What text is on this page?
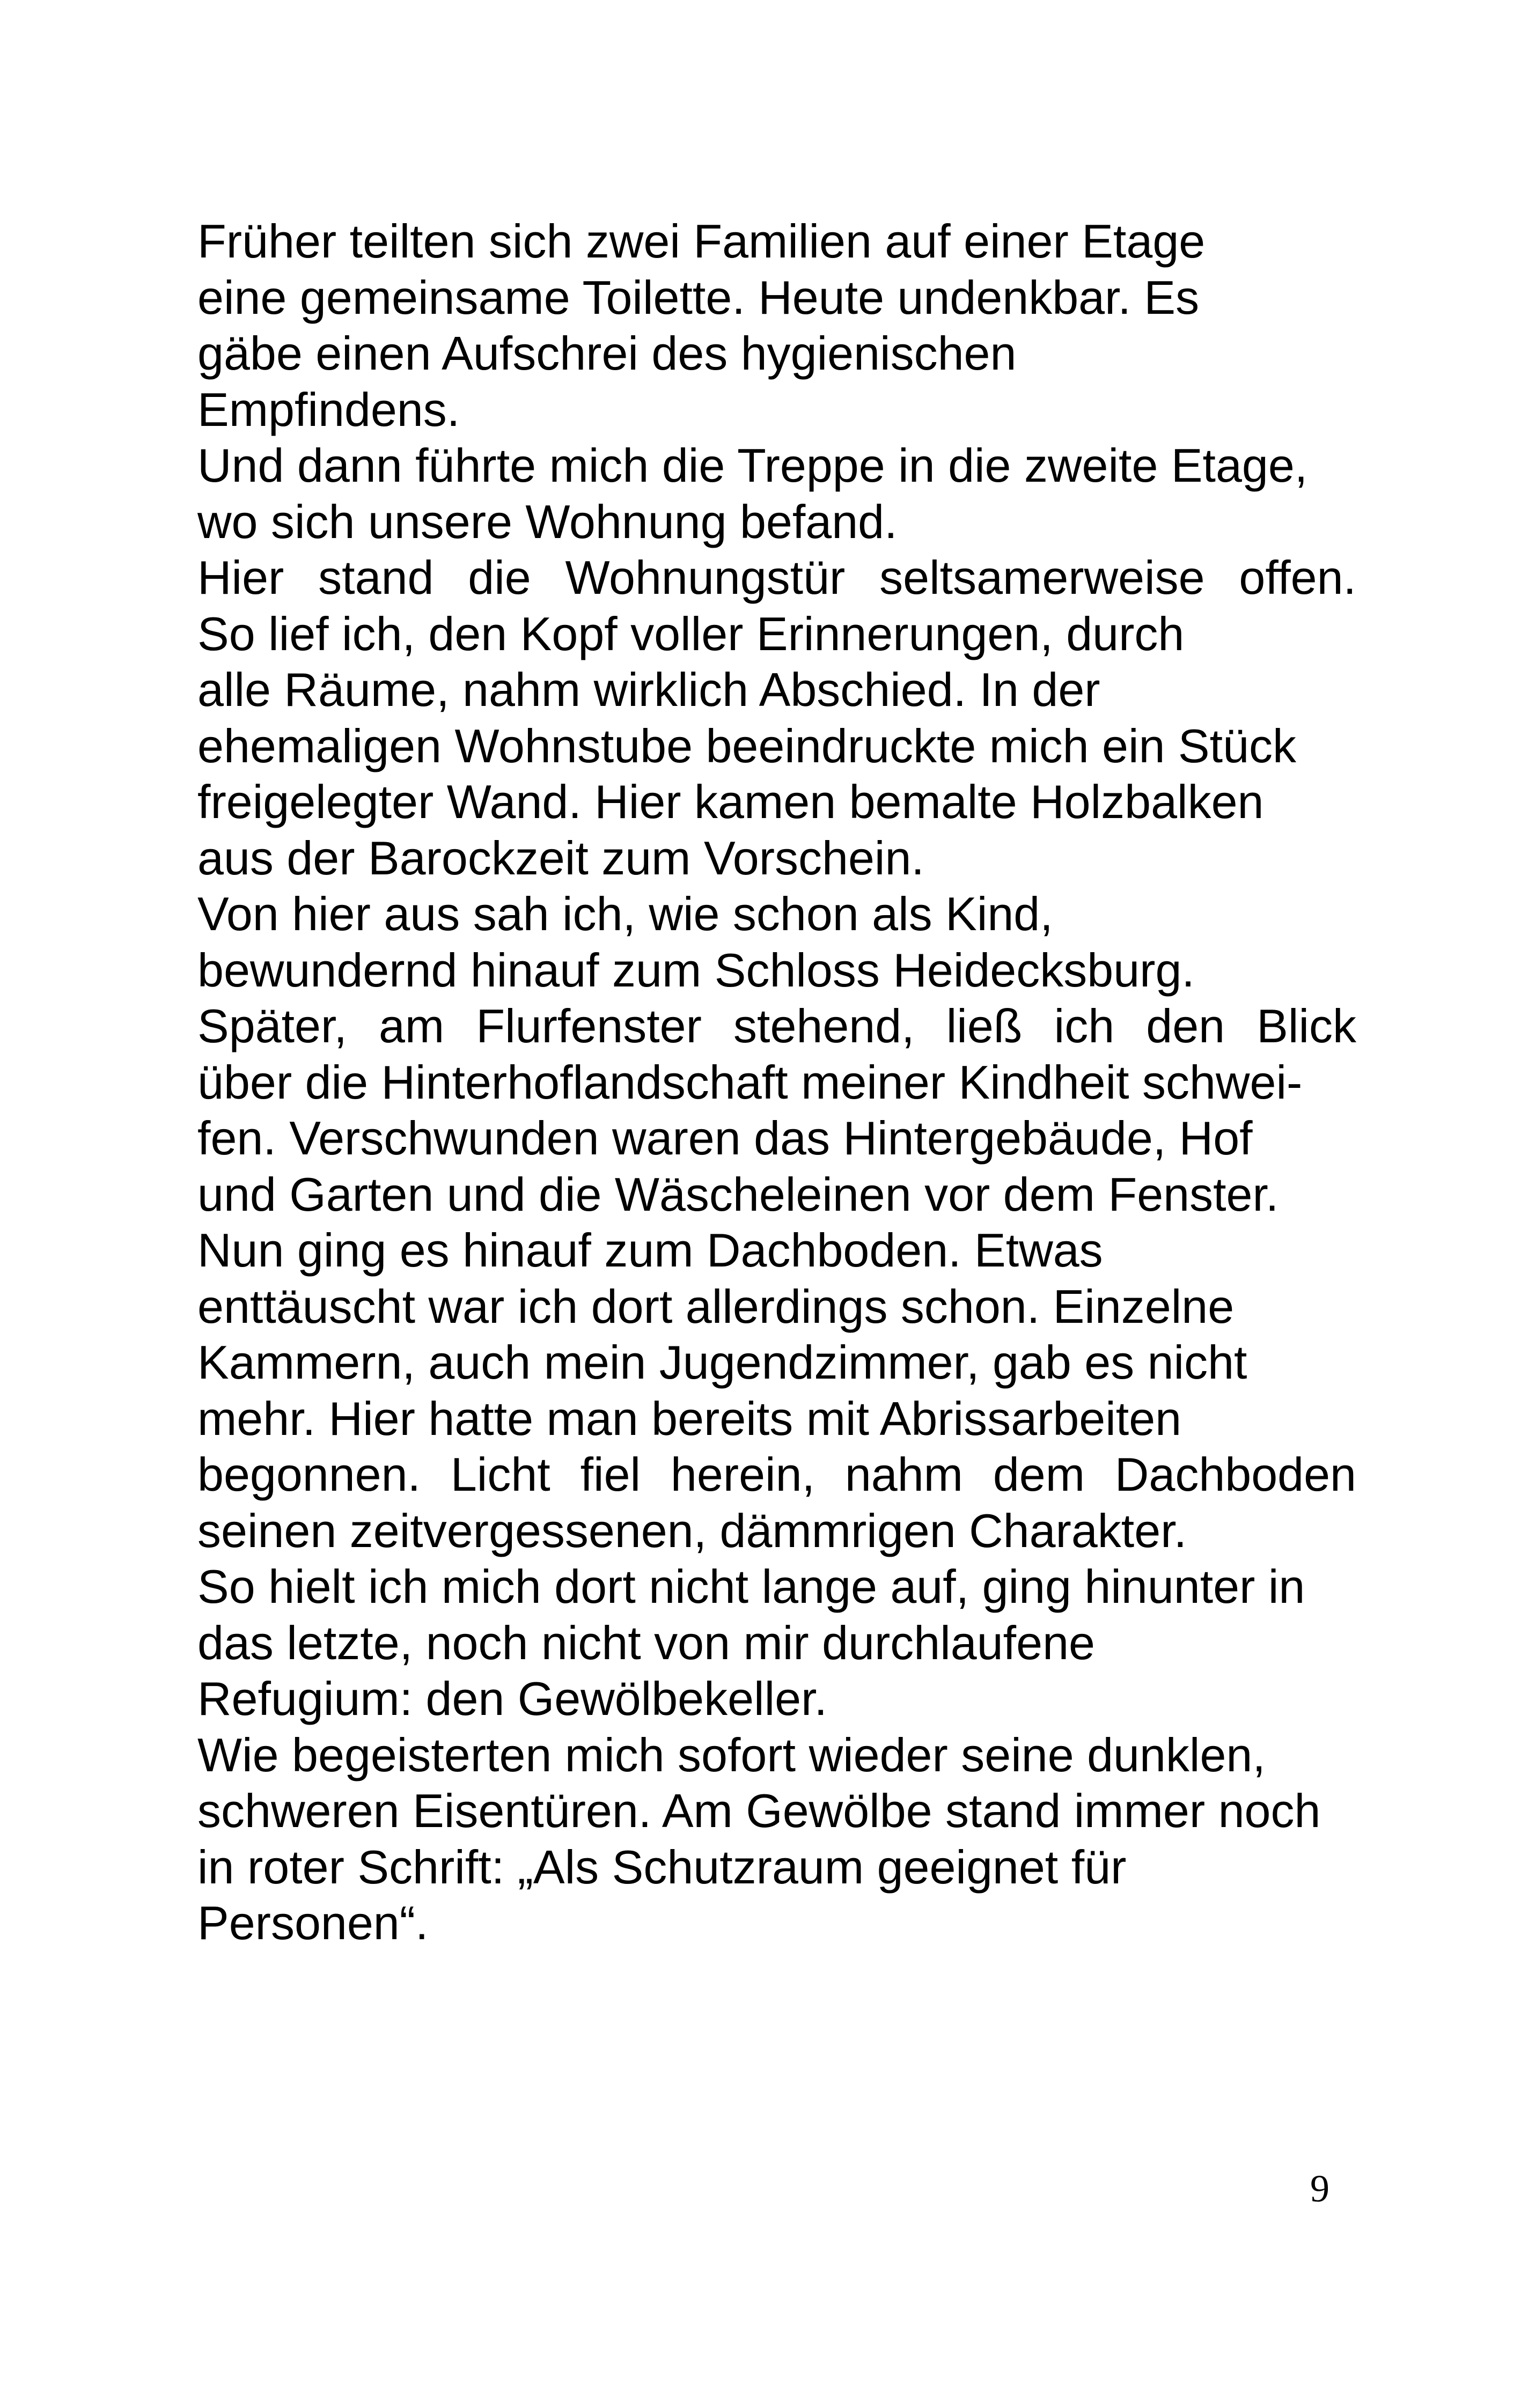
Früher teilten sich zwei Familien auf einer Etage
eine gemeinsame Toilette. Heute undenkbar. Es
gäbe einen Aufschrei des hygienischen
Empfindens.
Und dann führte mich die Treppe in die zweite Etage,
wo sich unsere Wohnung befand.
Hier stand die Wohnungstür seltsamerweise offen.
So lief ich, den Kopf voller Erinnerungen, durch
alle Räume, nahm wirklich Abschied. In der
ehemaligen Wohnstube beeindruckte mich ein Stück
freigelegter Wand. Hier kamen bemalte Holzbalken
aus der Barockzeit zum Vorschein.
Von hier aus sah ich, wie schon als Kind,
bewundernd hinauf zum Schloss Heidecksburg.
Später, am Flurfenster stehend, ließ ich den Blick
über die Hinterhoflandschaft meiner Kindheit schwei-
fen. Verschwunden waren das Hintergebäude, Hof
und Garten und die Wäscheleinen vor dem Fenster.
Nun ging es hinauf zum Dachboden. Etwas
enttäuscht war ich dort allerdings schon. Einzelne
Kammern, auch mein Jugendzimmer, gab es nicht
mehr. Hier hatte man bereits mit Abrissarbeiten
begonnen. Licht fiel herein, nahm dem Dachboden
seinen zeitvergessenen, dämmrigen Charakter.
So hielt ich mich dort nicht lange auf, ging hinunter in
das letzte, noch nicht von mir durchlaufene
Refugium: den Gewölbekeller.
Wie begeisterten mich sofort wieder seine dunklen,
schweren Eisentüren. Am Gewölbe stand immer noch
in roter Schrift: „Als Schutzraum geeignet für
Personen“.
9
